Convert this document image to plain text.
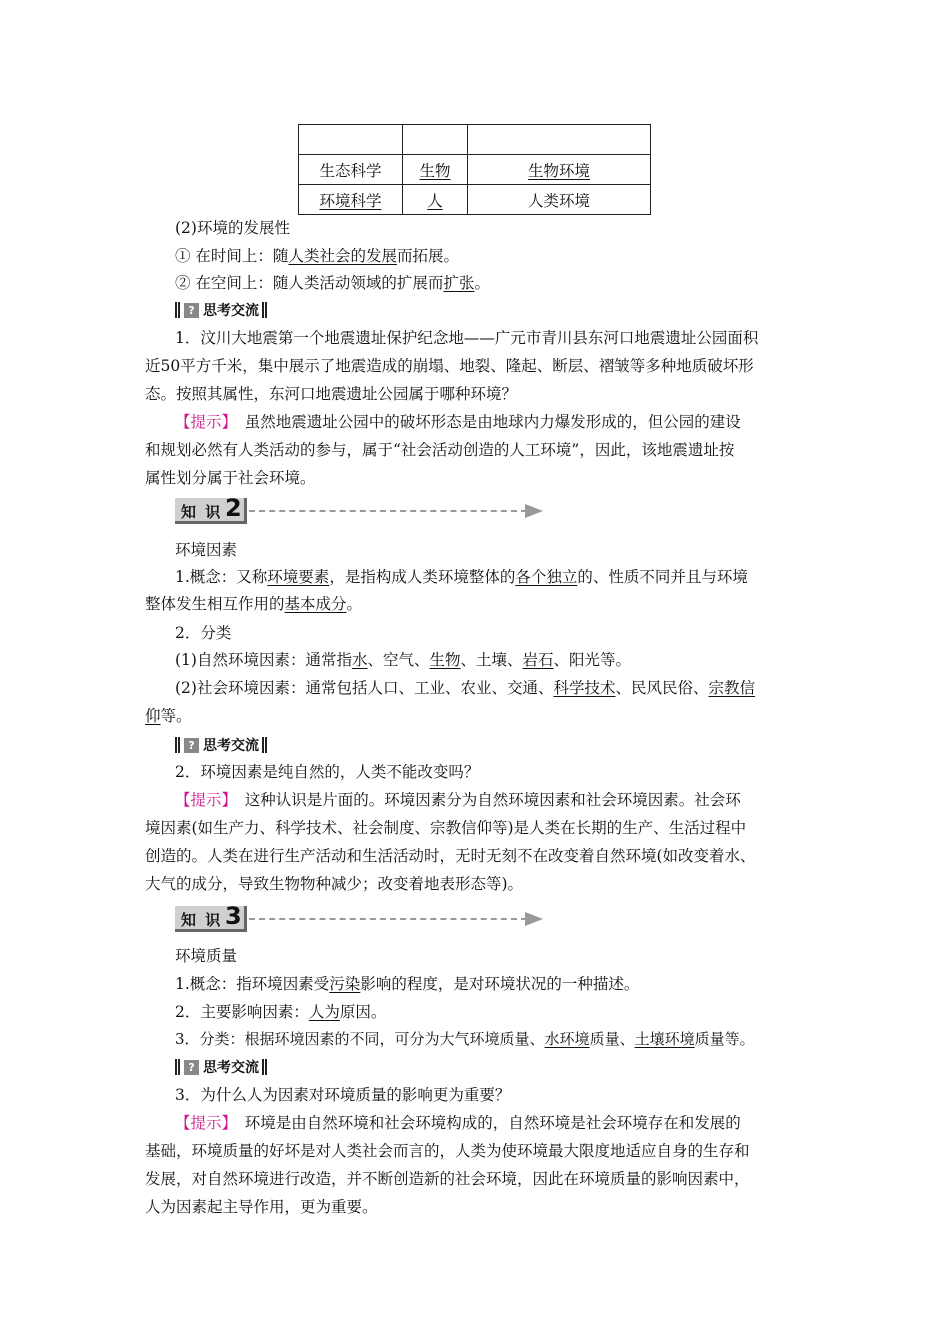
生态科学	生物	生物环境
环境科学	人	人类环境
(2)环境的发展性
① 在时间上：随人类社会的发展而拓展。
② 在空间上：随人类活动领域的扩展而扩张。
? 思考交流
1．汶川大地震第一个地震遗址保护纪念地——广元市青川县东河口地震遗址公园面积
近50平方千米，集中展示了地震造成的崩塌、地裂、隆起、断层、褶皱等多种地质破坏形
态。按照其属性，东河口地震遗址公园属于哪种环境？
【提示】　虽然地震遗址公园中的破坏形态是由地球内力爆发形成的，但公园的建设
和规划必然有人类活动的参与，属于“社会活动创造的人工环境”，因此，该地震遗址按
属性划分属于社会环境。
知 识 2
环境因素
1.概念：又称环境要素，是指构成人类环境整体的各个独立的、性质不同并且与环境
整体发生相互作用的基本成分。
2．分类
(1)自然环境因素：通常指水、空气、生物、土壤、岩石、阳光等。
(2)社会环境因素：通常包括人口、工业、农业、交通、科学技术、民风民俗、宗教信
仰等。
? 思考交流
2．环境因素是纯自然的，人类不能改变吗？
【提示】　这种认识是片面的。环境因素分为自然环境因素和社会环境因素。社会环
境因素(如生产力、科学技术、社会制度、宗教信仰等)是人类在长期的生产、生活过程中
创造的。人类在进行生产活动和生活活动时，无时无刻不在改变着自然环境(如改变着水、
大气的成分，导致生物物种减少；改变着地表形态等)。
知 识 3
环境质量
1.概念：指环境因素受污染影响的程度，是对环境状况的一种描述。
2．主要影响因素：人为原因。
3．分类：根据环境因素的不同，可分为大气环境质量、水环境质量、土壤环境质量等。
? 思考交流
3．为什么人为因素对环境质量的影响更为重要？
【提示】　环境是由自然环境和社会环境构成的，自然环境是社会环境存在和发展的
基础，环境质量的好坏是对人类社会而言的，人类为使环境最大限度地适应自身的生存和
发展，对自然环境进行改造，并不断创造新的社会环境，因此在环境质量的影响因素中，
人为因素起主导作用，更为重要。
